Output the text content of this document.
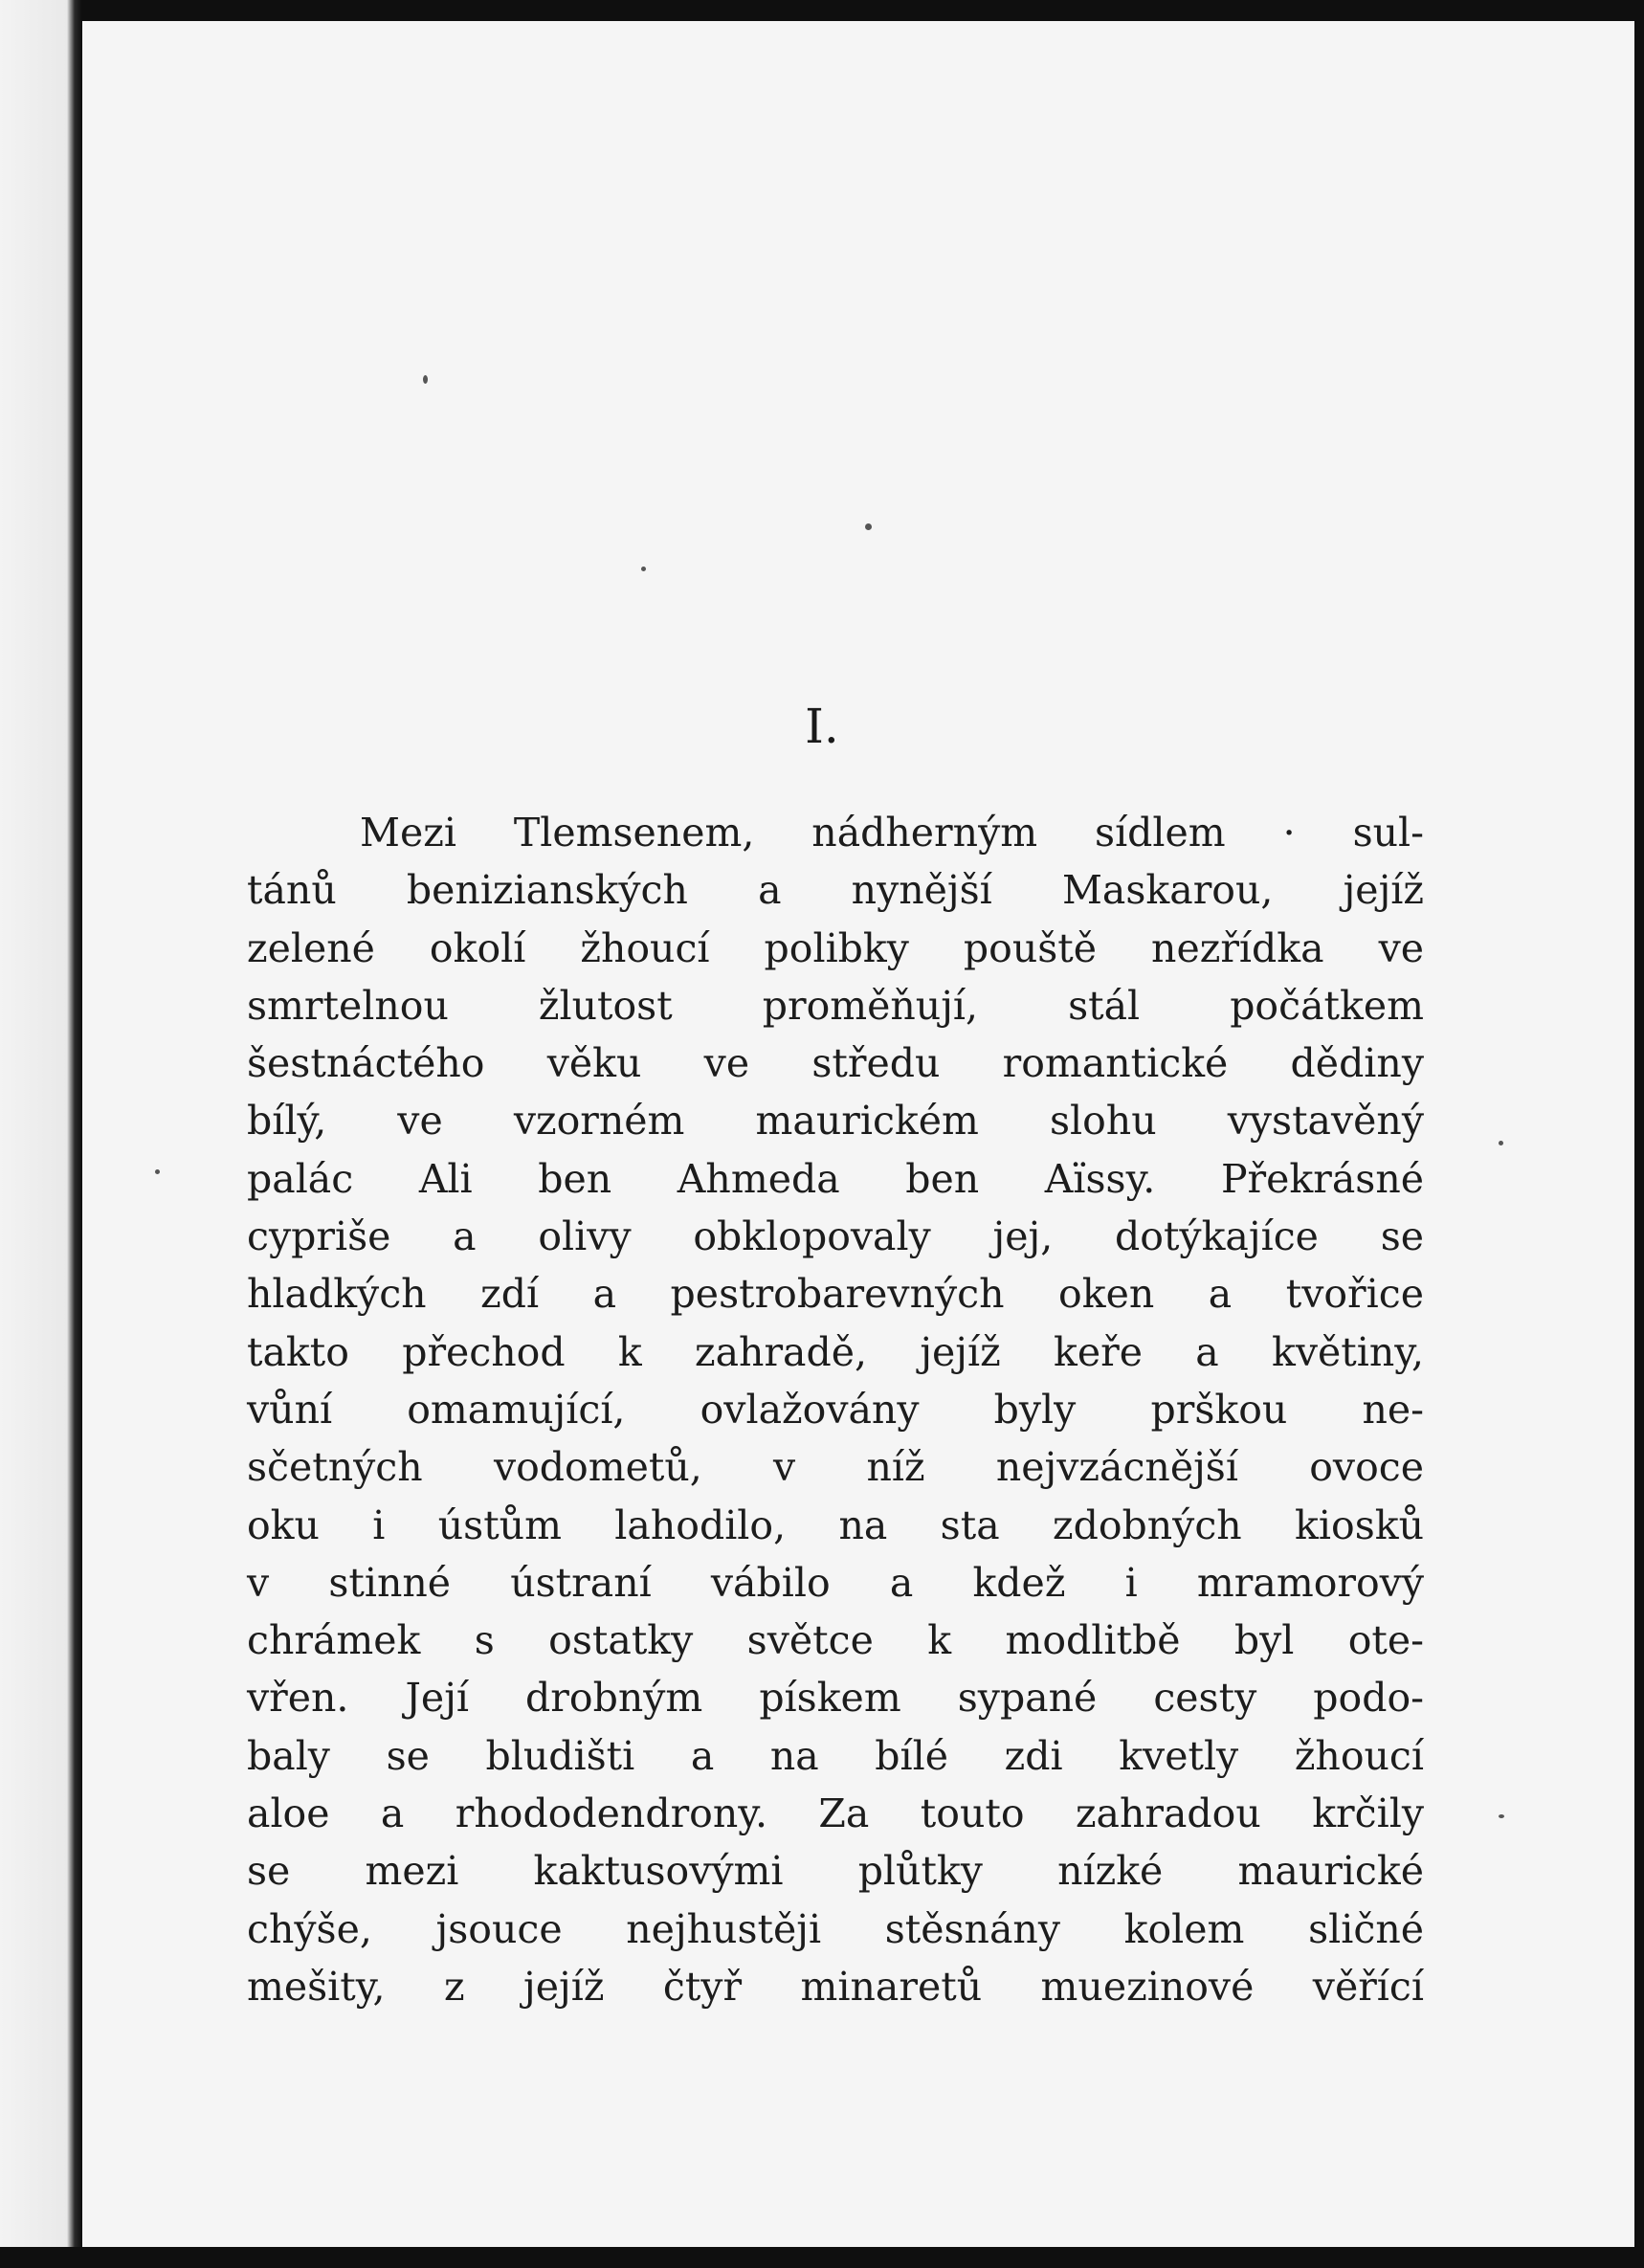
I.
Mezi Tlemsenem, nádherným sídlem · sul-
tánů benizianských a nynější Maskarou, jejíž
zelené okolí žhoucí polibky pouště nezřídka ve
smrtelnou žlutost proměňují, stál počátkem
šestnáctého věku ve středu romantické dědiny
bílý, ve vzorném maurickém slohu vystavěný
palác Ali ben Ahmeda ben Aïssy. Překrásné
cypriše a olivy obklopovaly jej, dotýkajíce se
hladkých zdí a pestrobarevných oken a tvořice
takto přechod k zahradě, jejíž keře a květiny,
vůní omamující, ovlažovány byly prškou ne-
sčetných vodometů, v níž nejvzácnější ovoce
oku i ústům lahodilo, na sta zdobných kiosků
v stinné ústraní vábilo a kdež i mramorový
chrámek s ostatky světce k modlitbě byl ote-
vřen. Její drobným pískem sypané cesty podo-
baly se bludišti a na bílé zdi kvetly žhoucí
aloe a rhododendrony. Za touto zahradou krčily
se mezi kaktusovými plůtky nízké maurické
chýše, jsouce nejhustěji stěsnány kolem sličné
mešity, z jejíž čtyř minaretů muezinové věřící
